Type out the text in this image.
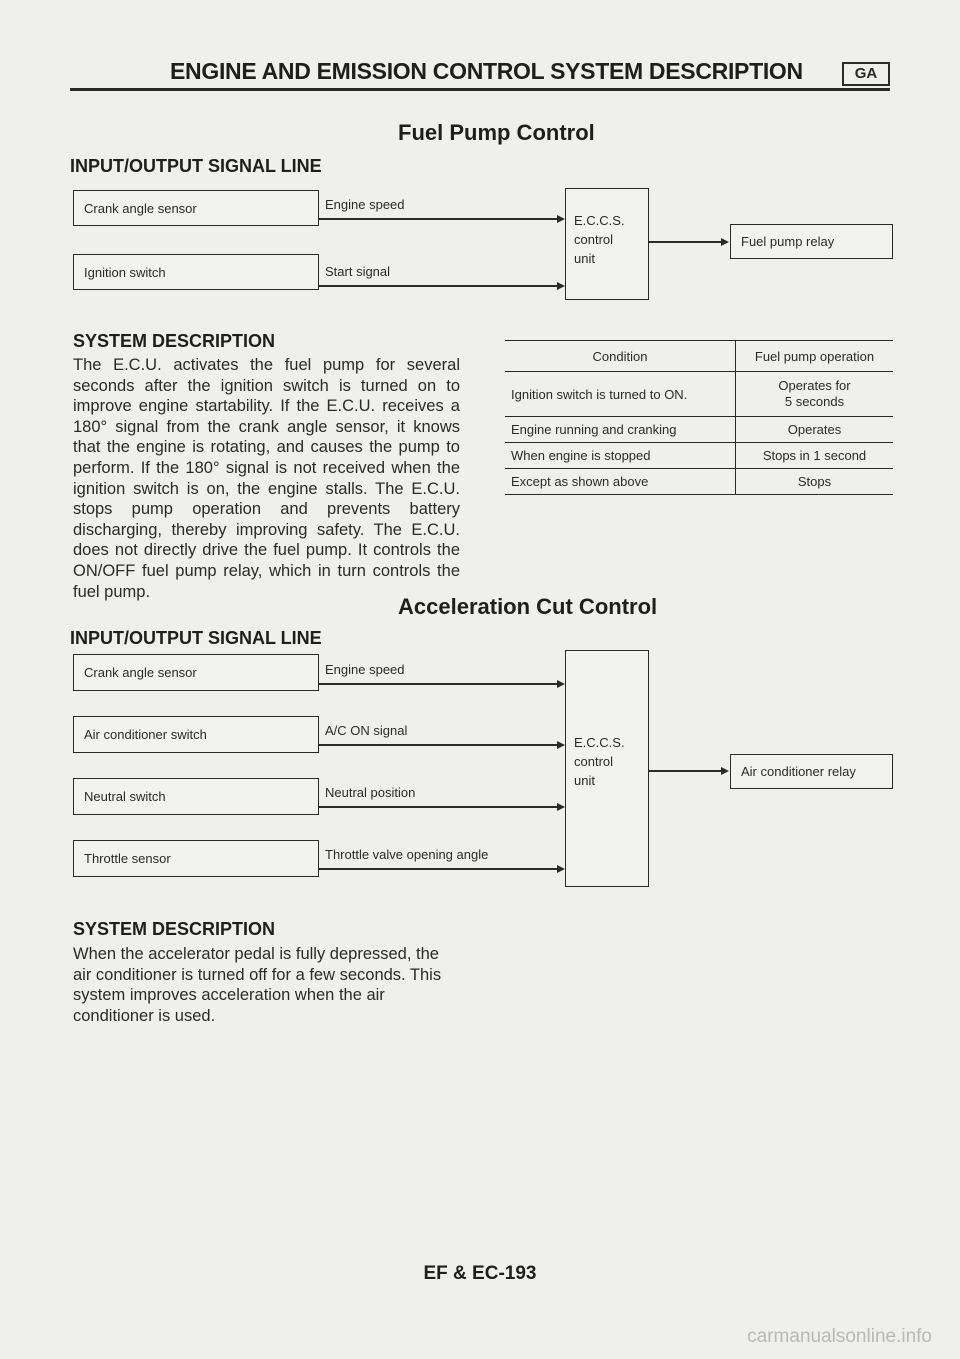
ENGINE AND EMISSION CONTROL SYSTEM DESCRIPTION	GA
Fuel Pump Control
INPUT/OUTPUT SIGNAL LINE
Crank angle sensor	Engine speed
Ignition switch	Start signal
E.C.C.S.
control
unit
Fuel pump relay
SYSTEM DESCRIPTION
The E.C.U. activates the fuel pump for several seconds after the ignition switch is turned on to improve engine startability. If the E.C.U. receives a 180° signal from the crank angle sensor, it knows that the engine is rotating, and causes the pump to perform. If the 180° signal is not received when the ignition switch is on, the engine stalls. The E.C.U. stops pump operation and prevents battery discharging, thereby improving safety. The E.C.U. does not directly drive the fuel pump. It controls the ON/OFF fuel pump relay, which in turn controls the fuel pump.
Condition	Fuel pump operation
Ignition switch is turned to ON.	Operates for
5 seconds
Engine running and cranking	Operates
When engine is stopped	Stops in 1 second
Except as shown above	Stops
Acceleration Cut Control
INPUT/OUTPUT SIGNAL LINE
Crank angle sensor	Engine speed
Air conditioner switch	A/C ON signal
Neutral switch	Neutral position
Throttle sensor	Throttle valve opening angle
E.C.C.S.
control
unit
Air conditioner relay
SYSTEM DESCRIPTION
When the accelerator pedal is fully depressed, the air conditioner is turned off for a few seconds. This system improves acceleration when the air conditioner is used.
EF & EC-193
carmanualsonline.info
